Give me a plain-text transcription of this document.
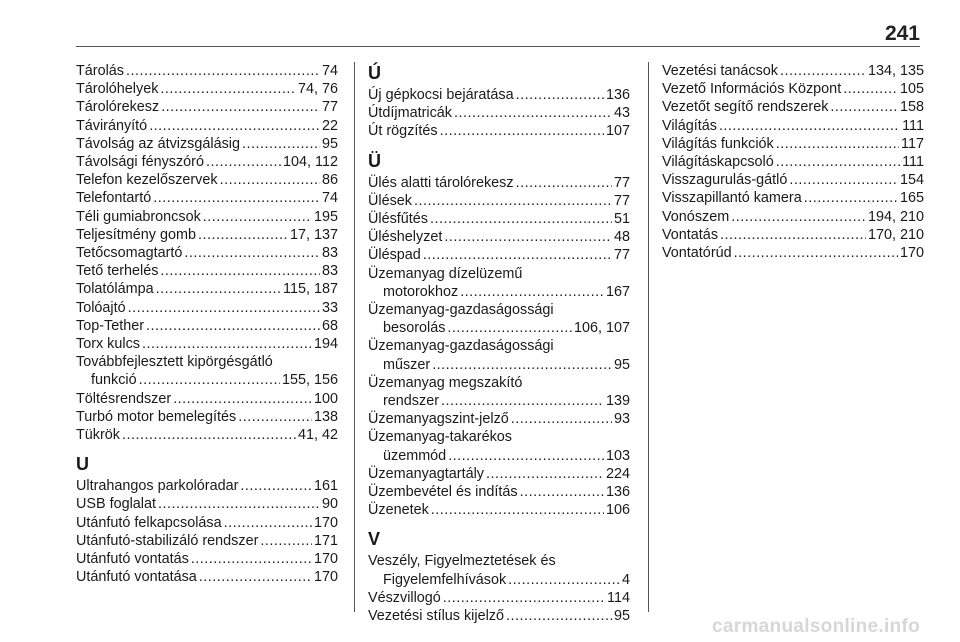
241
Tárolás .....	74
Tárolóhelyek .....	74, 76
Tárolórekesz .....	77
Távirányító .....	22
Távolság az átvizsgálásig .....	95
Távolsági fényszóró .....	104, 112
Telefon kezelőszervek .....	86
Telefontartó .....	74
Téli gumiabroncsok .....	195
Teljesítmény gomb .....	17, 137
Tetőcsomagtartó .....	83
Tető terhelés .....	83
Tolatólámpa .....	115, 187
Tolóajtó .....	33
Top-Tether .....	68
Torx kulcs .....	194
Továbbfejlesztett kipörgésgátló
funkció .....	155, 156
Töltésrendszer .....	100
Turbó motor bemelegítés .....	138
Tükrök .....	41, 42
U
Ultrahangos parkolóradar .....	161
USB foglalat .....	90
Utánfutó felkapcsolása .....	170
Utánfutó-stabilizáló rendszer .....	171
Utánfutó vontatás .....	170
Utánfutó vontatása .....	170
Ú
Új gépkocsi bejáratása .....	136
Útdíjmatricák .....	43
Út rögzítés .....	107
Ü
Ülés alatti tárolórekesz .....	77
Ülések .....	77
Ülésfűtés .....	51
Üléshelyzet .....	48
Üléspad .....	77
Üzemanyag dízelüzemű
motorokhoz .....	167
Üzemanyag-gazdaságossági
besorolás .....	106, 107
Üzemanyag-gazdaságossági
műszer .....	95
Üzemanyag megszakító
rendszer .....	139
Üzemanyagszint-jelző .....	93
Üzemanyag-takarékos
üzemmód .....	103
Üzemanyagtartály .....	224
Üzembevétel és indítás .....	136
Üzenetek .....	106
V
Veszély, Figyelmeztetések és
Figyelemfelhívások .....	4
Vészvillogó .....	114
Vezetési stílus kijelző .....	95
Vezetési tanácsok .....	134, 135
Vezető Információs Központ .....	105
Vezetőt segítő rendszerek .....	158
Világítás .....	111
Világítás funkciók .....	117
Világításkapcsoló .....	111
Visszagurulás-gátló .....	154
Visszapillantó kamera .....	165
Vonószem .....	194, 210
Vontatás .....	170, 210
Vontatórúd .....	170
carmanualsonline.info
